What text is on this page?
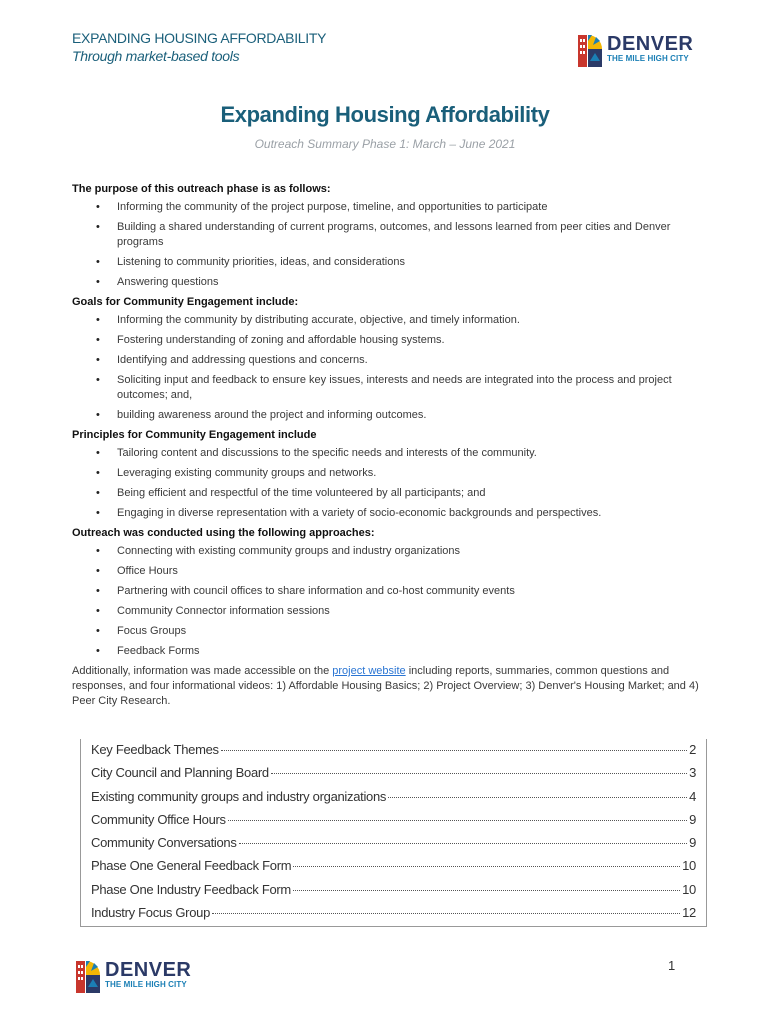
EXPANDING HOUSING AFFORDABILITY
Through market-based tools
DENVER
THE MILE HIGH CITY
Expanding Housing Affordability
Outreach Summary Phase 1: March – June 2021

The purpose of this outreach phase is as follows:

• Informing the community of the project purpose, timeline, and opportunities to participate
• Building a shared understanding of current programs, outcomes, and lessons learned from peer cities and Denver programs
• Listening to community priorities, ideas, and considerations
• Answering questions

Goals for Community Engagement include:

• Informing the community by distributing accurate, objective, and timely information.
• Fostering understanding of zoning and affordable housing systems.
• Identifying and addressing questions and concerns.
• Soliciting input and feedback to ensure key issues, interests and needs are integrated into the process and project outcomes; and,
• building awareness around the project and informing outcomes.

Principles for Community Engagement include

• Tailoring content and discussions to the specific needs and interests of the community.
• Leveraging existing community groups and networks.
• Being efficient and respectful of the time volunteered by all participants; and
• Engaging in diverse representation with a variety of socio-economic backgrounds and perspectives.

Outreach was conducted using the following approaches:

• Connecting with existing community groups and industry organizations
• Office Hours
• Partnering with council offices to share information and co-host community events
• Community Connector information sessions
• Focus Groups
• Feedback Forms

Additionally, information was made accessible on the project website including reports, summaries, common questions and responses, and four informational videos: 1) Affordable Housing Basics; 2) Project Overview; 3) Denver's Housing Market; and 4) Peer City Research.

Key Feedback Themes	2
City Council and Planning Board	3
Existing community groups and industry organizations	4
Community Office Hours	9
Community Conversations	9
Phase One General Feedback Form	10
Phase One Industry Feedback Form	10
Industry Focus Group	12
DENVER
THE MILE HIGH CITY
1
